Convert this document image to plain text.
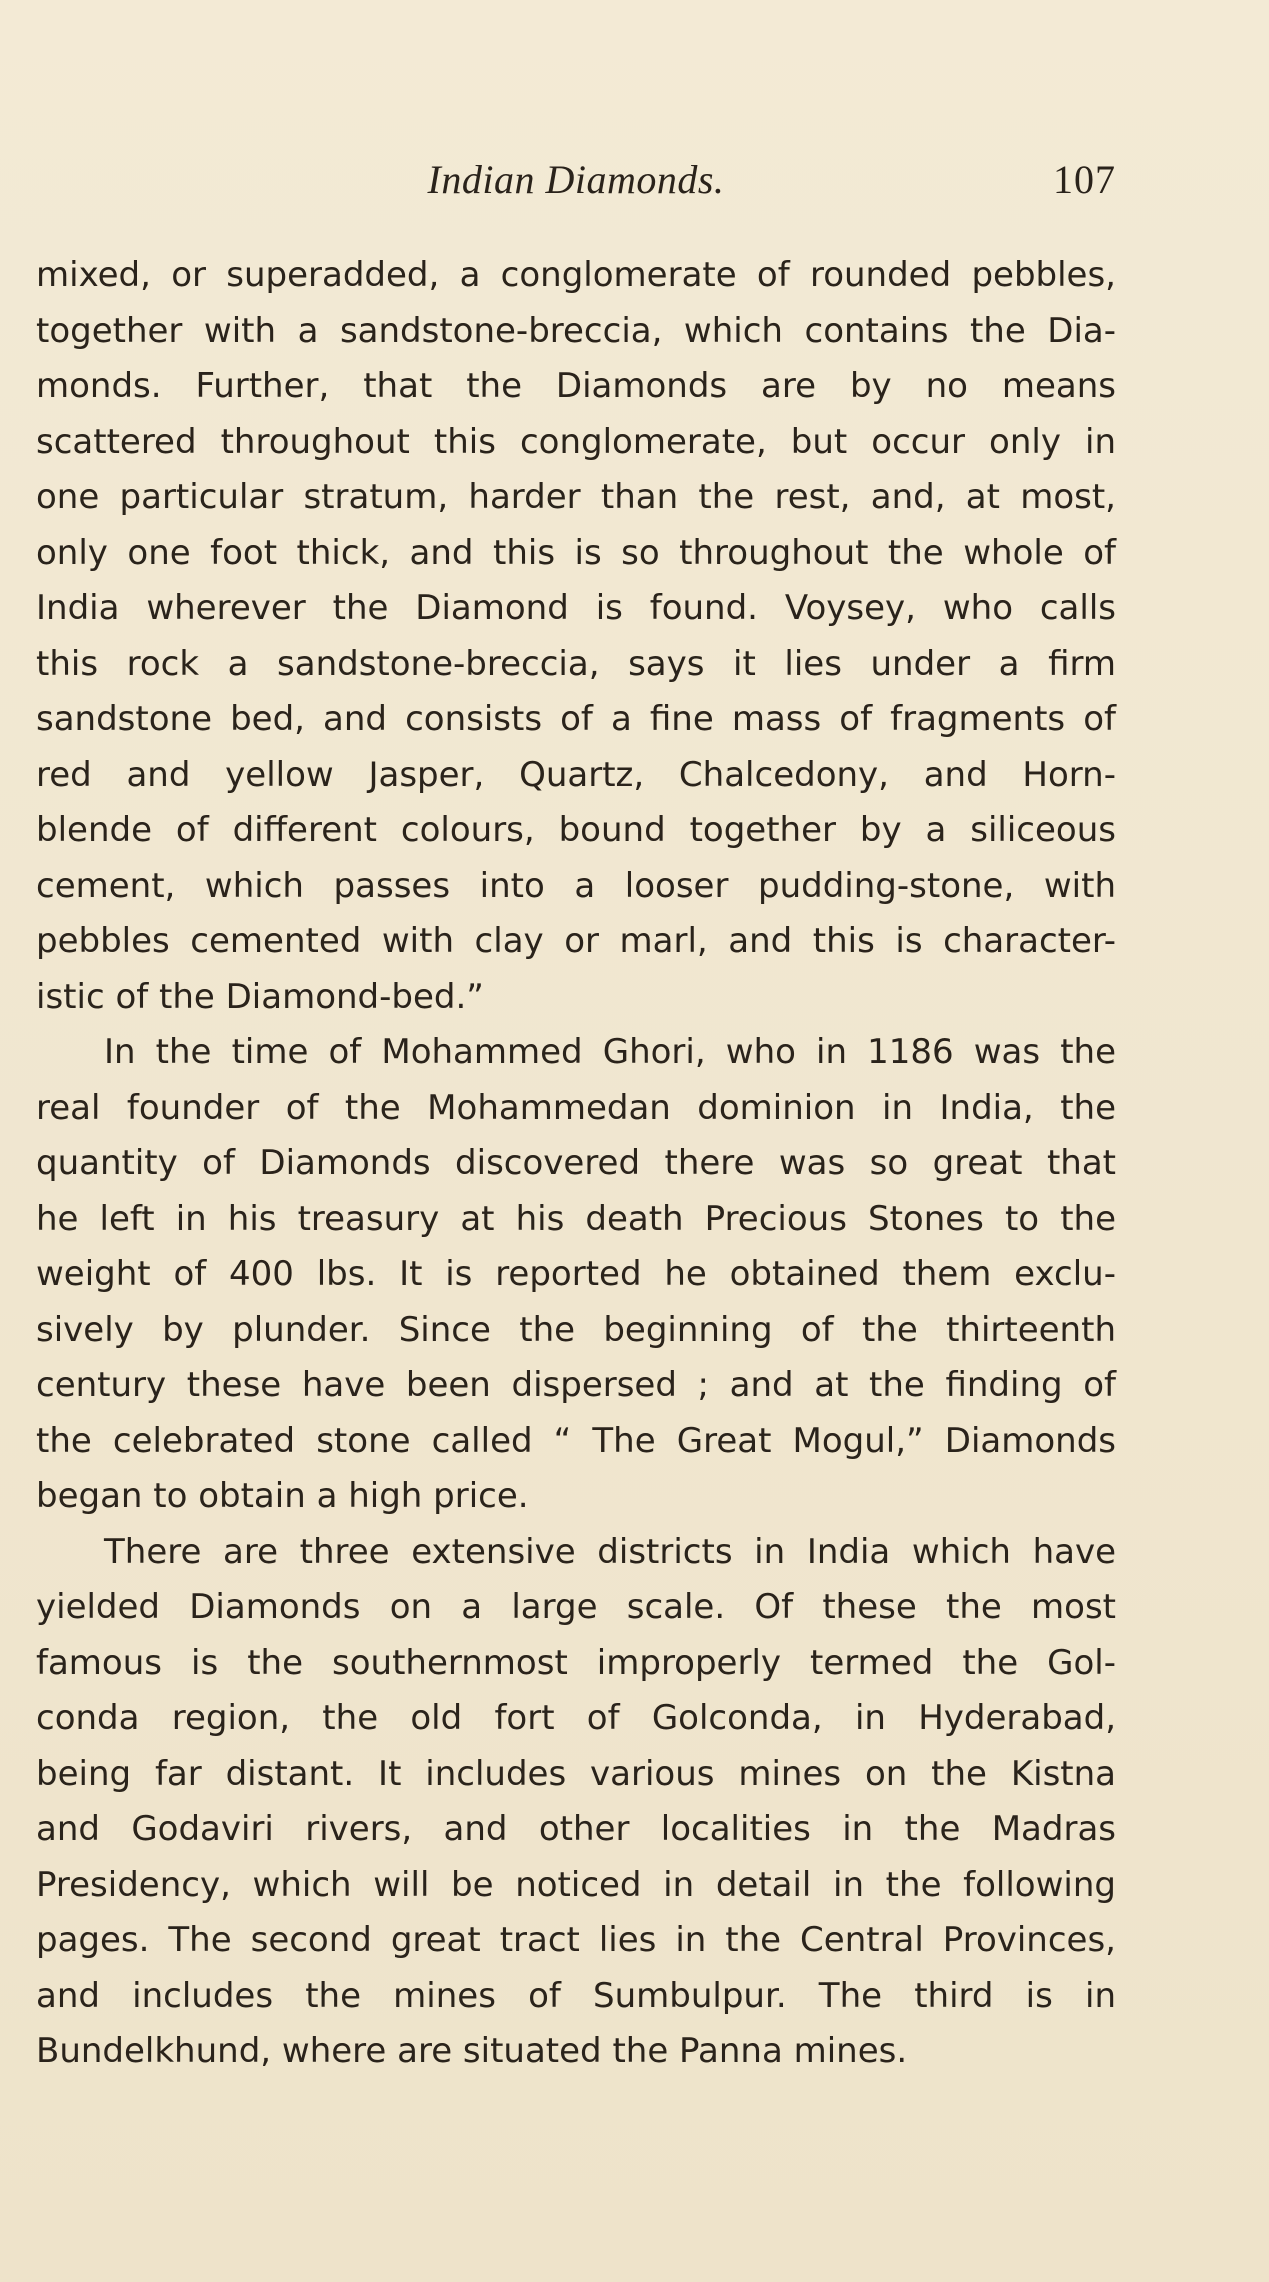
Indian Diamonds.	107
mixed, or superadded, a conglomerate of rounded pebbles,
together with a sandstone-breccia, which contains the Dia-
monds. Further, that the Diamonds are by no means
scattered throughout this conglomerate, but occur only in
one particular stratum, harder than the rest, and, at most,
only one foot thick, and this is so throughout the whole of
India wherever the Diamond is found. Voysey, who calls
this rock a sandstone-breccia, says it lies under a firm
sandstone bed, and consists of a fine mass of fragments of
red and yellow Jasper, Quartz, Chalcedony, and Horn-
blende of different colours, bound together by a siliceous
cement, which passes into a looser pudding-stone, with
pebbles cemented with clay or marl, and this is character-
istic of the Diamond-bed.”
In the time of Mohammed Ghori, who in 1186 was the
real founder of the Mohammedan dominion in India, the
quantity of Diamonds discovered there was so great that
he left in his treasury at his death Precious Stones to the
weight of 400 lbs. It is reported he obtained them exclu-
sively by plunder. Since the beginning of the thirteenth
century these have been dispersed ; and at the finding of
the celebrated stone called “ The Great Mogul,” Diamonds
began to obtain a high price.
There are three extensive districts in India which have
yielded Diamonds on a large scale. Of these the most
famous is the southernmost improperly termed the Gol-
conda region, the old fort of Golconda, in Hyderabad,
being far distant. It includes various mines on the Kistna
and Godaviri rivers, and other localities in the Madras
Presidency, which will be noticed in detail in the following
pages. The second great tract lies in the Central Provinces,
and includes the mines of Sumbulpur. The third is in
Bundelkhund, where are situated the Panna mines.
